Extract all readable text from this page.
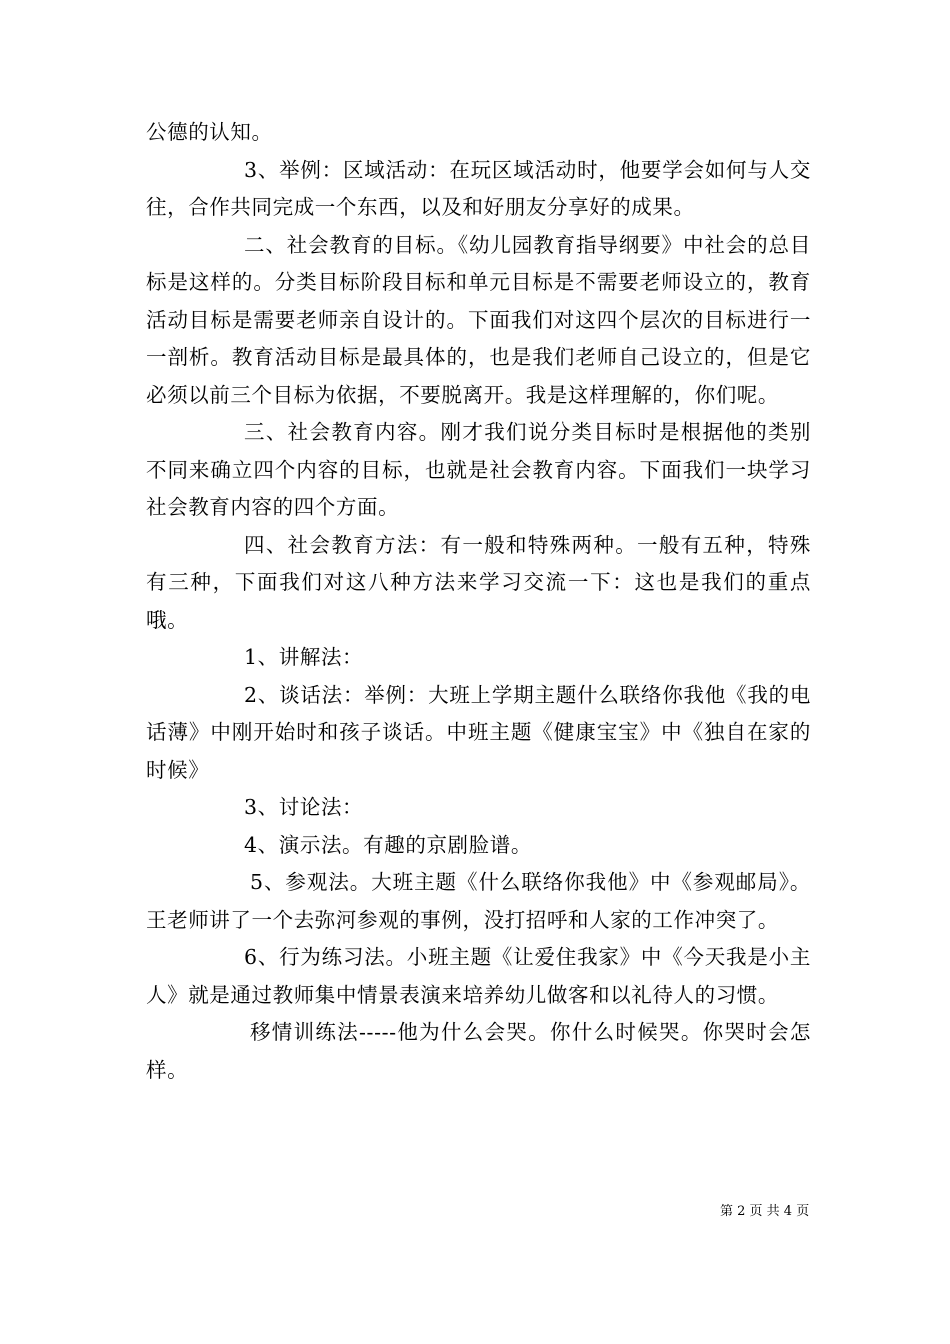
公德的认知。

3、举例：区域活动：在玩区域活动时，他要学会如何与人交往，合作共同完成一个东西，以及和好朋友分享好的成果。

二、社会教育的目标。《幼儿园教育指导纲要》中社会的总目标是这样的。分类目标阶段目标和单元目标是不需要老师设立的，教育活动目标是需要老师亲自设计的。下面我们对这四个层次的目标进行一一剖析。教育活动目标是最具体的，也是我们老师自己设立的，但是它必须以前三个目标为依据，不要脱离开。我是这样理解的，你们呢。

三、社会教育内容。刚才我们说分类目标时是根据他的类别不同来确立四个内容的目标，也就是社会教育内容。下面我们一块学习社会教育内容的四个方面。

四、社会教育方法：有一般和特殊两种。一般有五种，特殊有三种，下面我们对这八种方法来学习交流一下：这也是我们的重点哦。

1、讲解法：

2、谈话法：举例：大班上学期主题什么联络你我他《我的电话薄》中刚开始时和孩子谈话。中班主题《健康宝宝》中《独自在家的时候》

3、讨论法：

4、演示法。有趣的京剧脸谱。

5、参观法。大班主题《什么联络你我他》中《参观邮局》。王老师讲了一个去弥河参观的事例，没打招呼和人家的工作冲突了。

6、行为练习法。小班主题《让爱住我家》中《今天我是小主人》就是通过教师集中情景表演来培养幼儿做客和以礼待人的习惯。

移情训练法-----他为什么会哭。你什么时候哭。你哭时会怎样。

第 2 页 共 4 页
